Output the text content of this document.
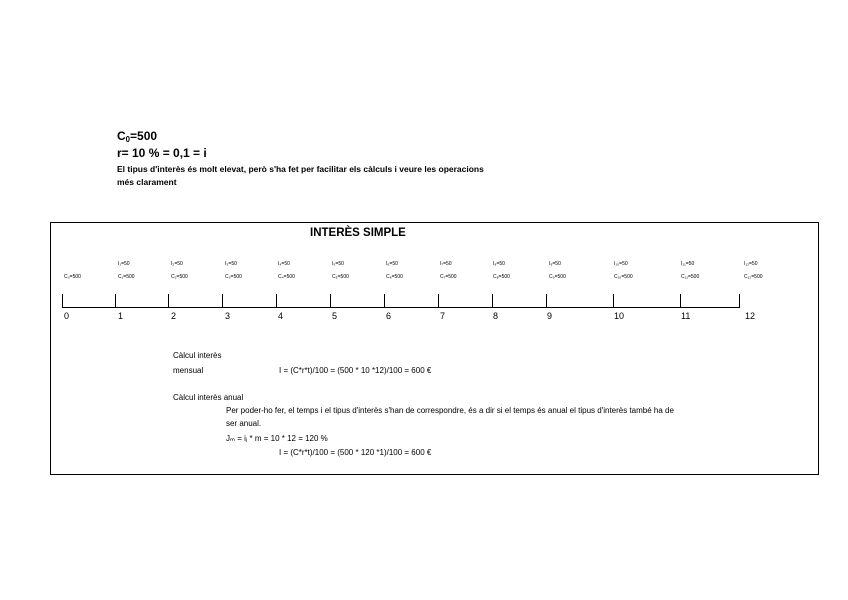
$C_0=500$
r= 10 % = 0,1 = i
El tipus d'interès és molt elevat, però s'ha fet per facilitar els càlculs i veure les operacions
més clarament
INTERÈS SIMPLE
0	1	2	3	4	5	6	7	8	9	10	11	12
I₁=50	I₂=50	I₃=50	I₄=50	I₅=50	I₆=50	I₇=50	I₈=50	I₉=50	I₁₀=50	I₁₁=50	I₁₂=50
C₀=500	C₁=500	C₂=500	C₃=500	C₄=500	C₅=500	C₆=500	C₇=500	C₈=500	C₉=500	C₁₀=500	C₁₁=500	C₁₂=500
Càlcul interès
mensual	I = (C*r*t)/100 = (500 * 10 *12)/100 = 600 €
Càlcul interès anual
Per poder-ho fer, el temps i el tipus d'interès s'han de correspondre, és a dir si el temps és anual el tipus d'interès també ha de
ser anual.
Jₘ = iⱼ * m = 10 * 12 = 120 %
I = (C*r*t)/100 = (500 * 120 *1)/100 = 600 €
